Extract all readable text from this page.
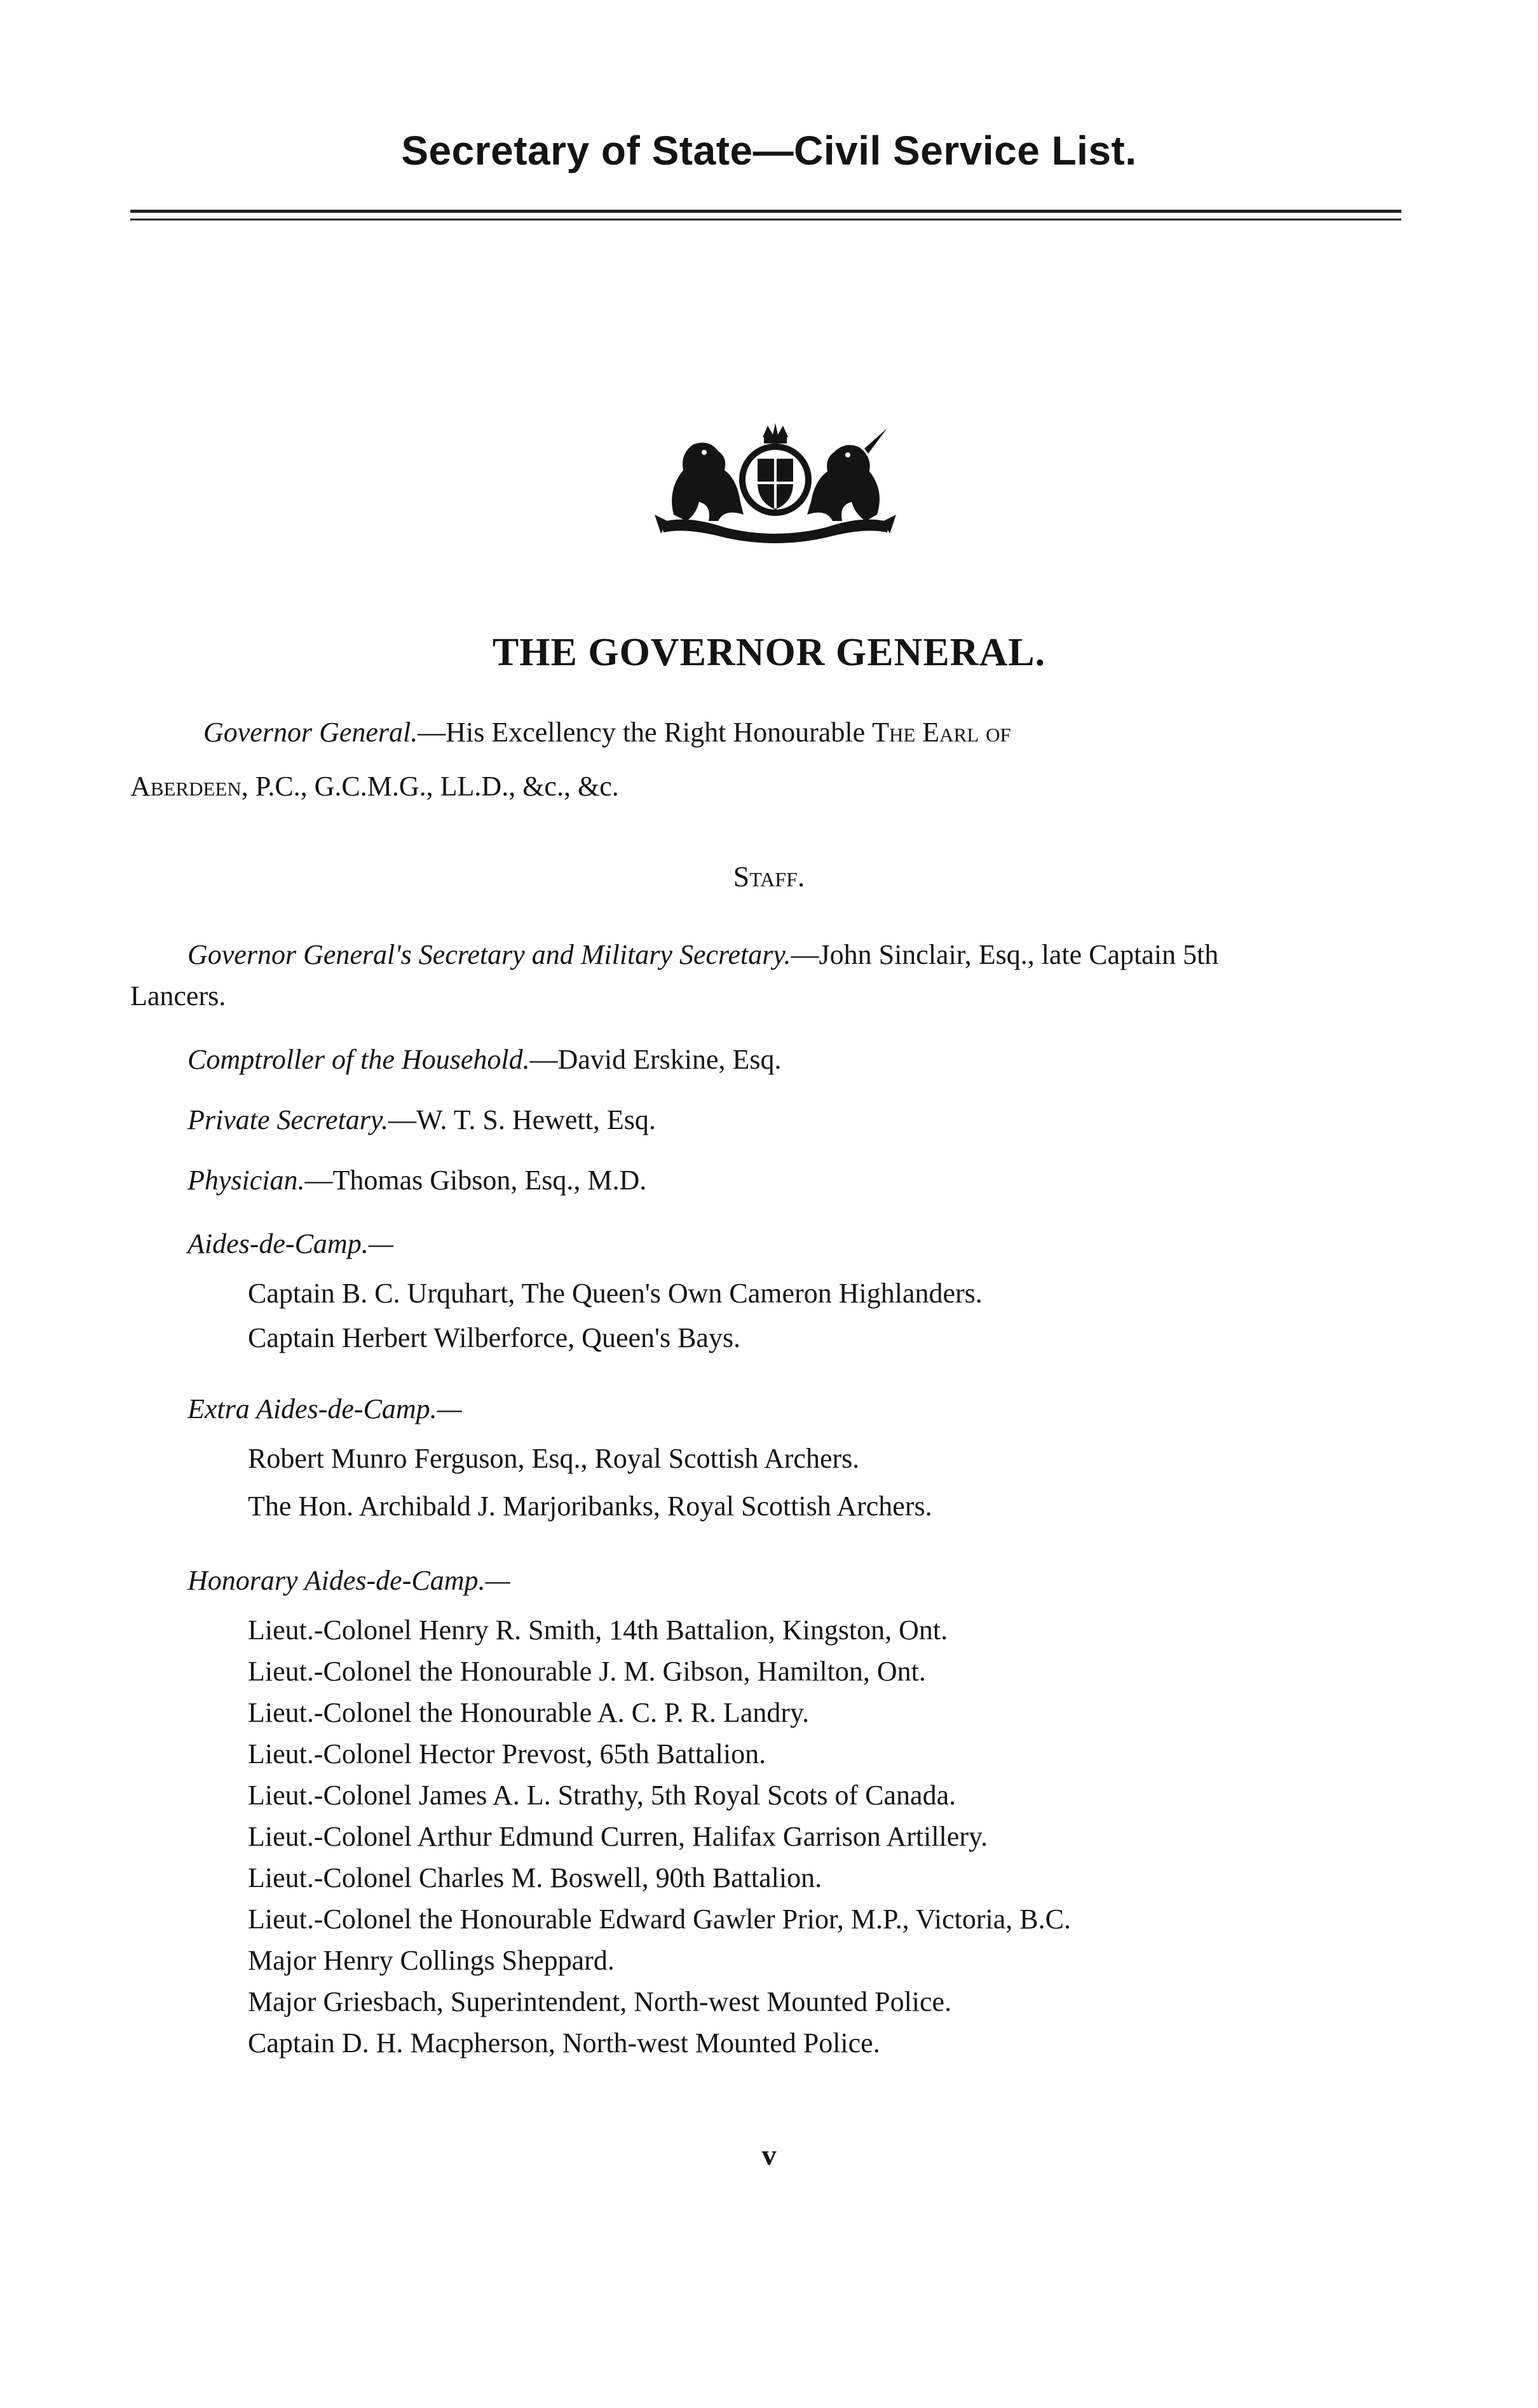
Secretary of State—Civil Service List.
THE GOVERNOR GENERAL.
Governor General.—His Excellency the Right Honourable The Earl of
Aberdeen, P.C., G.C.M.G., LL.D., &c., &c.
Staff.
Governor General's Secretary and Military Secretary.—John Sinclair, Esq., late Captain 5th
Lancers.
Comptroller of the Household.—David Erskine, Esq.
Private Secretary.—W. T. S. Hewett, Esq.
Physician.—Thomas Gibson, Esq., M.D.
Aides-de-Camp.—
Captain B. C. Urquhart, The Queen's Own Cameron Highlanders.
Captain Herbert Wilberforce, Queen's Bays.
Extra Aides-de-Camp.—
Robert Munro Ferguson, Esq., Royal Scottish Archers.
The Hon. Archibald J. Marjoribanks, Royal Scottish Archers.
Honorary Aides-de-Camp.—
Lieut.-Colonel Henry R. Smith, 14th Battalion, Kingston, Ont.
Lieut.-Colonel the Honourable J. M. Gibson, Hamilton, Ont.
Lieut.-Colonel the Honourable A. C. P. R. Landry.
Lieut.-Colonel Hector Prevost, 65th Battalion.
Lieut.-Colonel James A. L. Strathy, 5th Royal Scots of Canada.
Lieut.-Colonel Arthur Edmund Curren, Halifax Garrison Artillery.
Lieut.-Colonel Charles M. Boswell, 90th Battalion.
Lieut.-Colonel the Honourable Edward Gawler Prior, M.P., Victoria, B.C.
Major Henry Collings Sheppard.
Major Griesbach, Superintendent, North-west Mounted Police.
Captain D. H. Macpherson, North-west Mounted Police.
v
